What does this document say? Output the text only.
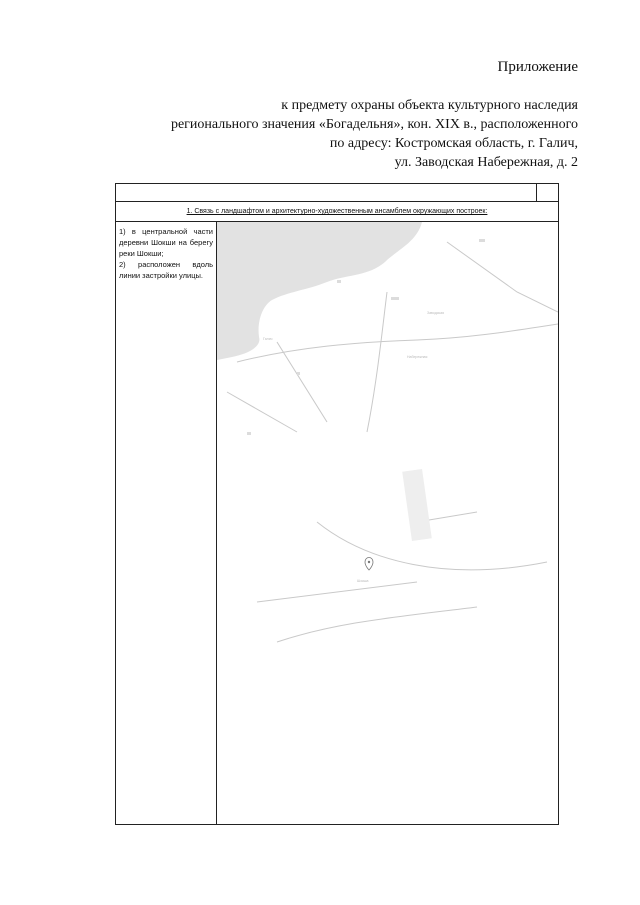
Приложение
к предмету охраны объекта культурного наследия
регионального значения «Богадельня», кон. XIX в., расположенного
по адресу: Костромская область, г. Галич,
ул. Заводская Набережная, д. 2
1. Связь с ландшафтом и архитектурно-художественным ансамблем окружающих построек:

1) в центральной части деревни Шокши на берегу реки Шокши;

2) расположен вдоль линии застройки улицы.

Галич
Заводская
Набережная
Шокша
